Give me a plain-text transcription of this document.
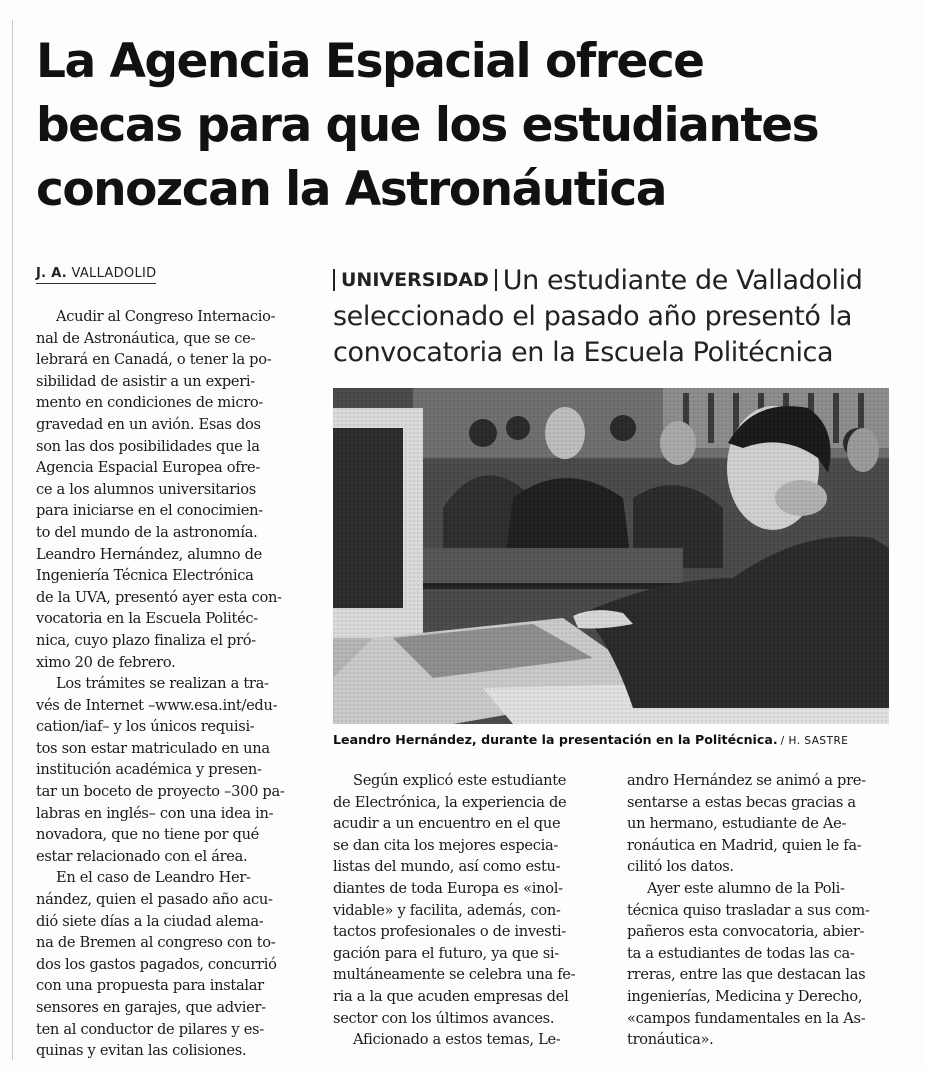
La Agencia Espacial ofrece
becas para que los estudiantes
conozcan la Astronáutica
J. A. VALLADOLID	UNIVERSIDAD Un estudiante de Valladolid
seleccionado el pasado año presentó la
convocatoria en la Escuela Politécnica
Leandro Hernández, durante la presentación en la Politécnica. / H. SASTRE
Acudir al Congreso Internacio-
nal de Astronáutica, que se ce-
lebrará en Canadá, o tener la po-
sibilidad de asistir a un experi-
mento en condiciones de micro-
gravedad en un avión. Esas dos
son las dos posibilidades que la
Agencia Espacial Europea ofre-
ce a los alumnos universitarios
para iniciarse en el conocimien-
to del mundo de la astronomía.
Leandro Hernández, alumno de
Ingeniería Técnica Electrónica
de la UVA, presentó ayer esta con-
vocatoria en la Escuela Politéc-
nica, cuyo plazo finaliza el pró-
ximo 20 de febrero.
Los trámites se realizan a tra-
vés de Internet –www.esa.int/edu-
cation/iaf– y los únicos requisi-
tos son estar matriculado en una
institución académica y presen-
tar un boceto de proyecto –300 pa-
labras en inglés– con una idea in-
novadora, que no tiene por qué
estar relacionado con el área.
En el caso de Leandro Her-
nández, quien el pasado año acu-
dió siete días a la ciudad alema-
na de Bremen al congreso con to-
dos los gastos pagados, concurrió
con una propuesta para instalar
sensores en garajes, que advier-
ten al conductor de pilares y es-
quinas y evitan las colisiones.
Según explicó este estudiante
de Electrónica, la experiencia de
acudir a un encuentro en el que
se dan cita los mejores especia-
listas del mundo, así como estu-
diantes de toda Europa es «inol-
vidable» y facilita, además, con-
tactos profesionales o de investi-
gación para el futuro, ya que si-
multáneamente se celebra una fe-
ria a la que acuden empresas del
sector con los últimos avances.
Aficionado a estos temas, Le-
andro Hernández se animó a pre-
sentarse a estas becas gracias a
un hermano, estudiante de Ae-
ronáutica en Madrid, quien le fa-
cilitó los datos.
Ayer este alumno de la Poli-
técnica quiso trasladar a sus com-
pañeros esta convocatoria, abier-
ta a estudiantes de todas las ca-
rreras, entre las que destacan las
ingenierías, Medicina y Derecho,
«campos fundamentales en la As-
tronáutica».
